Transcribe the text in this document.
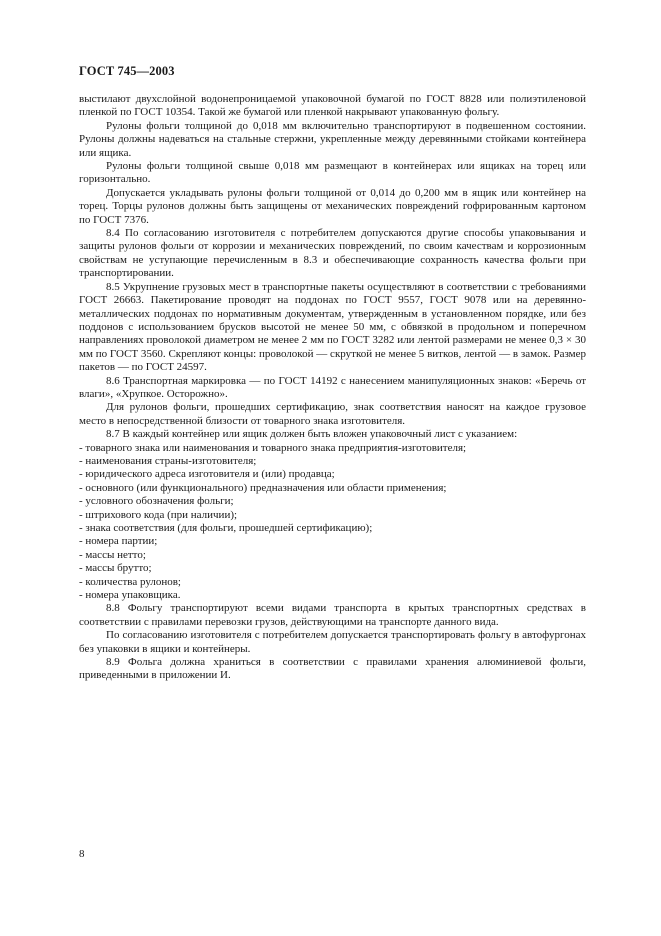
ГОСТ 745—2003

выстилают двухслойной водонепроницаемой упаковочной бумагой по ГОСТ 8828 или полиэтиленовой пленкой по ГОСТ 10354. Такой же бумагой или пленкой накрывают упакованную фольгу.

Рулоны фольги толщиной до 0,018 мм включительно транспортируют в подвешенном состоянии. Рулоны должны надеваться на стальные стержни, укрепленные между деревянными стойками контейнера или ящика.

Рулоны фольги толщиной свыше 0,018 мм размещают в контейнерах или ящиках на торец или горизонтально.

Допускается укладывать рулоны фольги толщиной от 0,014 до 0,200 мм в ящик или контейнер на торец. Торцы рулонов должны быть защищены от механических повреждений гофрированным картоном по ГОСТ 7376.

8.4 По согласованию изготовителя с потребителем допускаются другие способы упаковывания и защиты рулонов фольги от коррозии и механических повреждений, по своим качествам и коррозионным свойствам не уступающие перечисленным в 8.3 и обеспечивающие сохранность качества фольги при транспортировании.

8.5 Укрупнение грузовых мест в транспортные пакеты осуществляют в соответствии с требованиями ГОСТ 26663. Пакетирование проводят на поддонах по ГОСТ 9557, ГОСТ 9078 или на деревянно-металлических поддонах по нормативным документам, утвержденным в установленном порядке, или без поддонов с использованием брусков высотой не менее 50 мм, с обвязкой в продольном и поперечном направлениях проволокой диаметром не менее 2 мм по ГОСТ 3282 или лентой размерами не менее 0,3 × 30 мм по ГОСТ 3560. Скрепляют концы: проволокой — скруткой не менее 5 витков, лентой — в замок. Размер пакетов — по ГОСТ 24597.

8.6 Транспортная маркировка — по ГОСТ 14192 с нанесением манипуляционных знаков: «Беречь от влаги», «Хрупкое. Осторожно».

Для рулонов фольги, прошедших сертификацию, знак соответствия наносят на каждое грузовое место в непосредственной близости от товарного знака изготовителя.

8.7 В каждый контейнер или ящик должен быть вложен упаковочный лист с указанием:

- товарного знака или наименования и товарного знака предприятия-изготовителя;
- наименования страны-изготовителя;
- юридического адреса изготовителя и (или) продавца;
- основного (или функционального) предназначения или области применения;
- условного обозначения фольги;
- штрихового кода (при наличии);
- знака соответствия (для фольги, прошедшей сертификацию);
- номера партии;
- массы нетто;
- массы брутто;
- количества рулонов;
- номера упаковщика.

8.8 Фольгу транспортируют всеми видами транспорта в крытых транспортных средствах в соответствии с правилами перевозки грузов, действующими на транспорте данного вида.

По согласованию изготовителя с потребителем допускается транспортировать фольгу в автофургонах без упаковки в ящики и контейнеры.

8.9 Фольга должна храниться в соответствии с правилами хранения алюминиевой фольги, приведенными в приложении И.

8
